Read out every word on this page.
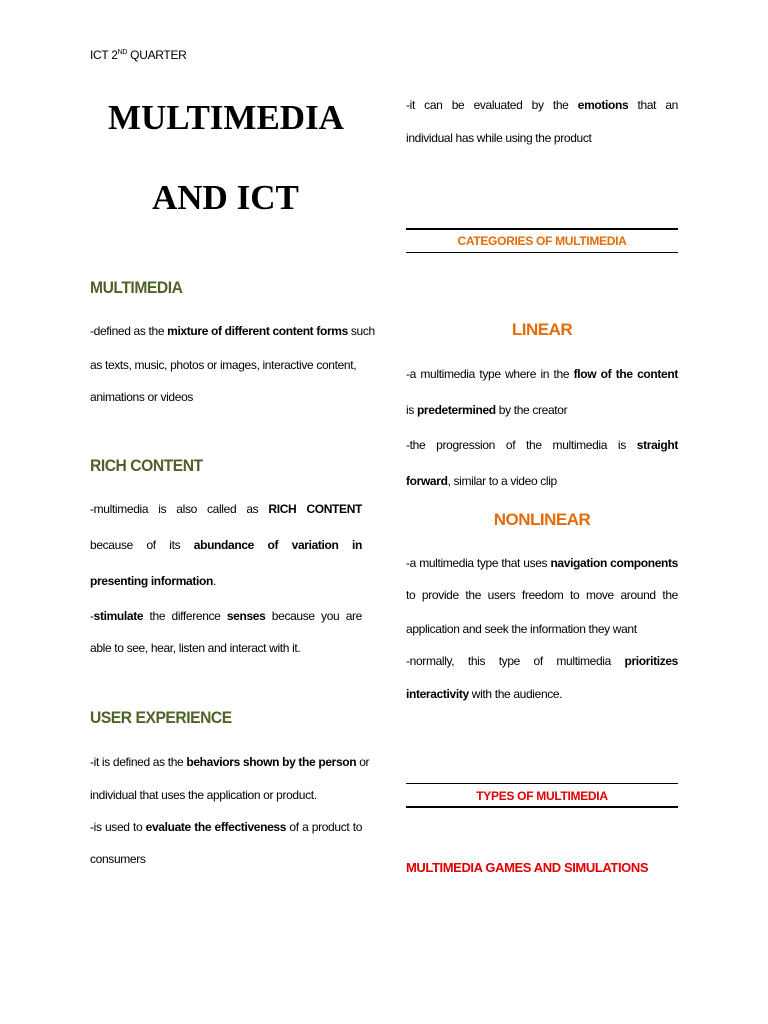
ICT 2ND QUARTER
MULTIMEDIA
AND ICT
MULTIMEDIA
-defined as the mixture of different content forms such
as texts, music, photos or images, interactive content,
animations or videos
RICH CONTENT
-multimedia is also called as RICH CONTENT
because of its abundance of variation in
presenting information.
-stimulate the difference senses because you are
able to see, hear, listen and interact with it.
USER EXPERIENCE
-it is defined as the behaviors shown by the person or
individual that uses the application or product.
-is used to evaluate the effectiveness of a product to
consumers
-it can be evaluated by the emotions that an
individual has while using the product
CATEGORIES OF MULTIMEDIA
LINEAR
-a multimedia type where in the flow of the content
is predetermined by the creator
-the progression of the multimedia is straight
forward, similar to a video clip
NONLINEAR
-a multimedia type that uses navigation components
to provide the users freedom to move around the
application and seek the information they want
-normally, this type of multimedia prioritizes
interactivity with the audience.
TYPES OF MULTIMEDIA
MULTIMEDIA GAMES AND SIMULATIONS
